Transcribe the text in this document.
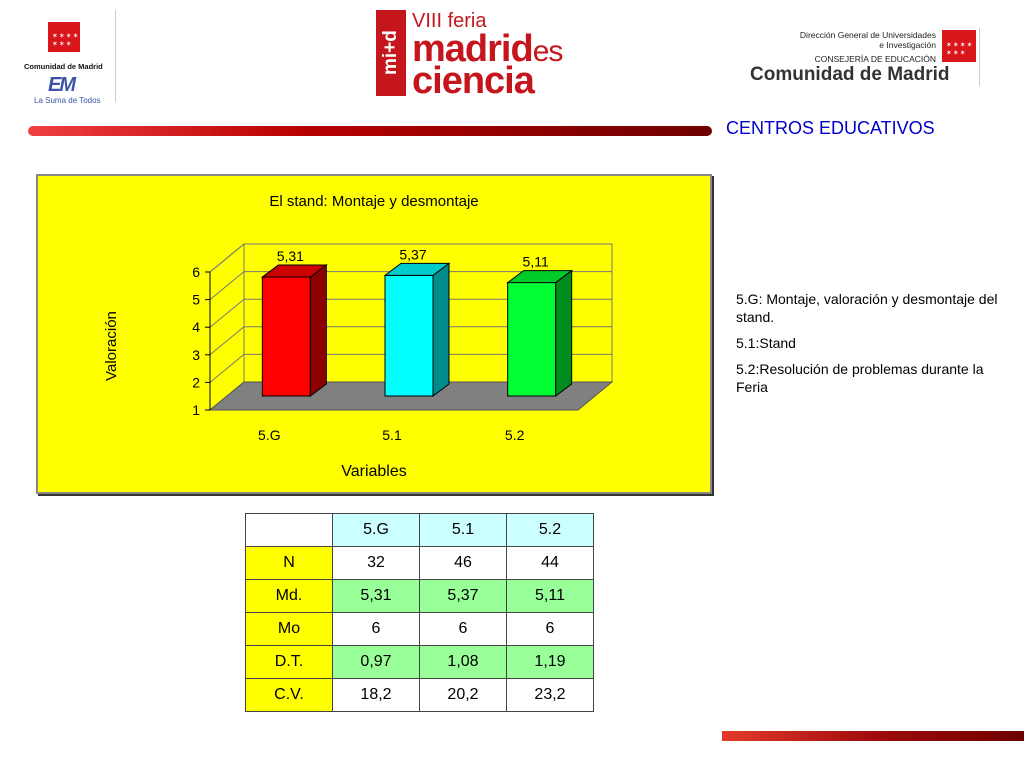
✶✶✶✶
✶✶✶
Comunidad de Madrid
EM
La Suma de Todos
mi+d
VIII feria
madrides
ciencia
Dirección General de Universidades
e Investigación
CONSEJERÍA DE EDUCACIÓN
Comunidad de Madrid
✶✶✶✶
✶✶✶
CENTROS EDUCATIVOS
El stand: Montaje y desmontaje
1
2
3
4
5
6
5,31
5.G
5,37
5.1
5,11
5.2
Variables
Valoración

5.G: Montaje, valoración y desmontaje del stand.

5.1:Stand

5.2:Resolución de problemas durante la Feria

	5.G	5.1	5.2
N	32	46	44
Md.	5,31	5,37	5,11
Mo	6	6	6
D.T.	0,97	1,08	1,19
C.V.	18,2	20,2	23,2
